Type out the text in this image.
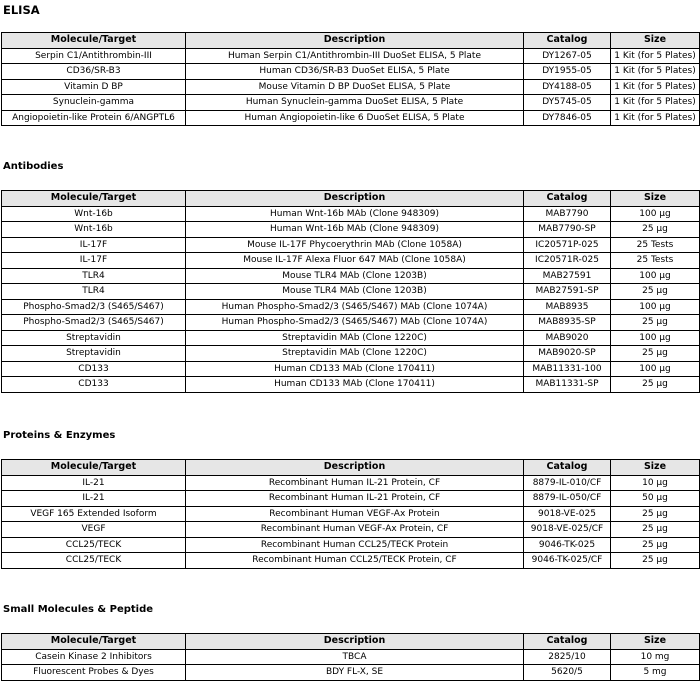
ELISA
Molecule/Target	Description	Catalog	Size
Serpin C1/Antithrombin-III	Human Serpin C1/Antithrombin-III DuoSet ELISA, 5 Plate	DY1267-05	1 Kit (for 5 Plates)
CD36/SR-B3	Human CD36/SR-B3 DuoSet ELISA, 5 Plate	DY1955-05	1 Kit (for 5 Plates)
Vitamin D BP	Mouse Vitamin D BP DuoSet ELISA, 5 Plate	DY4188-05	1 Kit (for 5 Plates)
Synuclein-gamma	Human Synuclein-gamma DuoSet ELISA, 5 Plate	DY5745-05	1 Kit (for 5 Plates)
Angiopoietin-like Protein 6/ANGPTL6	Human Angiopoietin-like 6 DuoSet ELISA, 5 Plate	DY7846-05	1 Kit (for 5 Plates)
Antibodies
Molecule/Target	Description	Catalog	Size
Wnt-16b	Human Wnt-16b MAb (Clone 948309)	MAB7790	100 µg
Wnt-16b	Human Wnt-16b MAb (Clone 948309)	MAB7790-SP	25 µg
IL-17F	Mouse IL-17F Phycoerythrin MAb (Clone 1058A)	IC20571P-025	25 Tests
IL-17F	Mouse IL-17F Alexa Fluor 647 MAb (Clone 1058A)	IC20571R-025	25 Tests
TLR4	Mouse TLR4 MAb (Clone 1203B)	MAB27591	100 µg
TLR4	Mouse TLR4 MAb (Clone 1203B)	MAB27591-SP	25 µg
Phospho-Smad2/3 (S465/S467)	Human Phospho-Smad2/3 (S465/S467) MAb (Clone 1074A)	MAB8935	100 µg
Phospho-Smad2/3 (S465/S467)	Human Phospho-Smad2/3 (S465/S467) MAb (Clone 1074A)	MAB8935-SP	25 µg
Streptavidin	Streptavidin MAb (Clone 1220C)	MAB9020	100 µg
Streptavidin	Streptavidin MAb (Clone 1220C)	MAB9020-SP	25 µg
CD133	Human CD133 MAb (Clone 170411)	MAB11331-100	100 µg
CD133	Human CD133 MAb (Clone 170411)	MAB11331-SP	25 µg
Proteins & Enzymes
Molecule/Target	Description	Catalog	Size
IL-21	Recombinant Human IL-21 Protein, CF	8879-IL-010/CF	10 µg
IL-21	Recombinant Human IL-21 Protein, CF	8879-IL-050/CF	50 µg
VEGF 165 Extended Isoform	Recombinant Human VEGF-Ax Protein	9018-VE-025	25 µg
VEGF	Recombinant Human VEGF-Ax Protein, CF	9018-VE-025/CF	25 µg
CCL25/TECK	Recombinant Human CCL25/TECK Protein	9046-TK-025	25 µg
CCL25/TECK	Recombinant Human CCL25/TECK Protein, CF	9046-TK-025/CF	25 µg
Small Molecules & Peptide
Molecule/Target	Description	Catalog	Size
Casein Kinase 2 Inhibitors	TBCA	2825/10	10 mg
Fluorescent Probes & Dyes	BDY FL-X, SE	5620/5	5 mg
